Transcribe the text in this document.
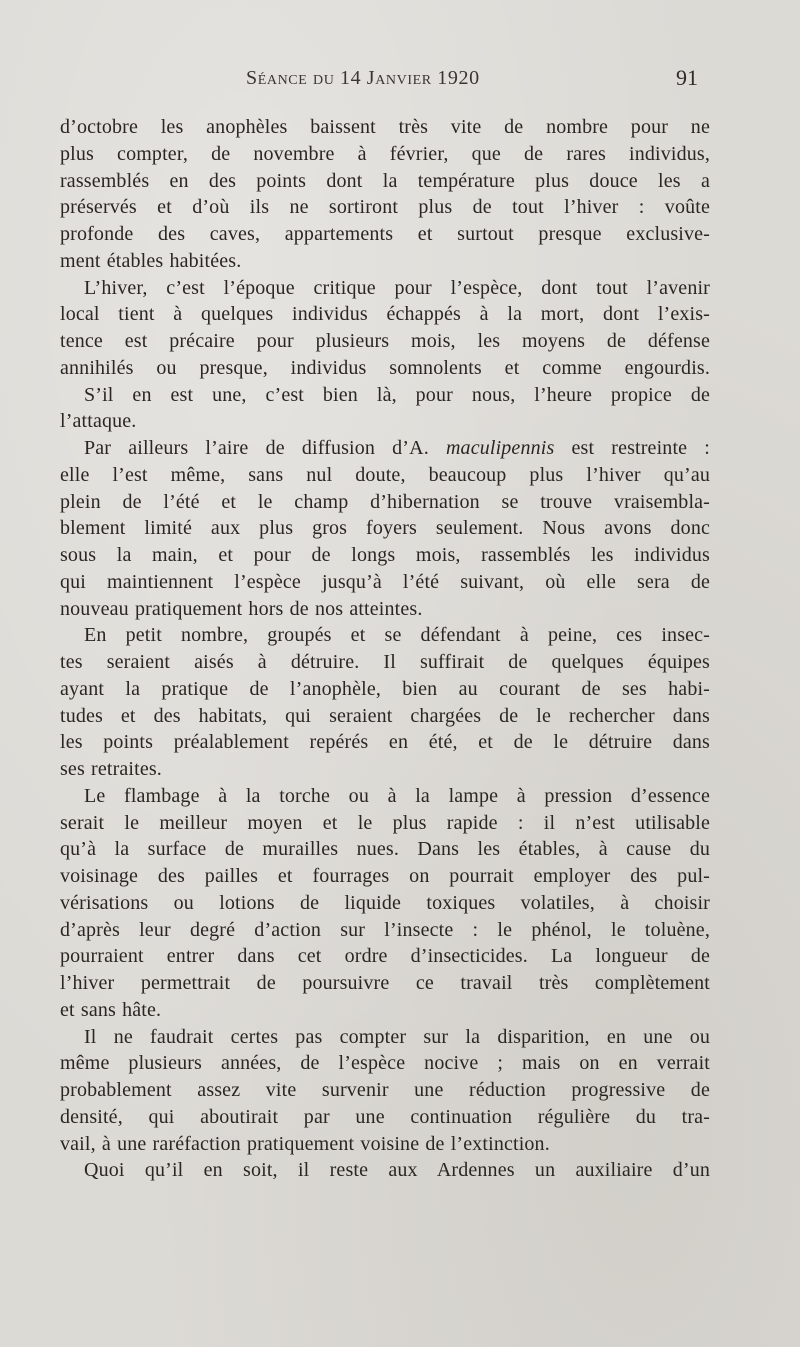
Séance du 14 Janvier 1920	91
d’octobre les anophèles baissent très vite de nombre pour ne
plus compter, de novembre à février, que de rares individus,
rassemblés en des points dont la température plus douce les a
préservés et d’où ils ne sortiront plus de tout l’hiver : voûte
profonde des caves, appartements et surtout presque exclusive-
ment étables habitées.
L’hiver, c’est l’époque critique pour l’espèce, dont tout l’avenir
local tient à quelques individus échappés à la mort, dont l’exis-
tence est précaire pour plusieurs mois, les moyens de défense
annihilés ou presque, individus somnolents et comme engourdis.
S’il en est une, c’est bien là, pour nous, l’heure propice de
l’attaque.
Par ailleurs l’aire de diffusion d’A. maculipennis est restreinte :
elle l’est même, sans nul doute, beaucoup plus l’hiver qu’au
plein de l’été et le champ d’hibernation se trouve vraisembla-
blement limité aux plus gros foyers seulement. Nous avons donc
sous la main, et pour de longs mois, rassemblés les individus
qui maintiennent l’espèce jusqu’à l’été suivant, où elle sera de
nouveau pratiquement hors de nos atteintes.
En petit nombre, groupés et se défendant à peine, ces insec-
tes seraient aisés à détruire. Il suffirait de quelques équipes
ayant la pratique de l’anophèle, bien au courant de ses habi-
tudes et des habitats, qui seraient chargées de le rechercher dans
les points préalablement repérés en été, et de le détruire dans
ses retraites.
Le flambage à la torche ou à la lampe à pression d’essence
serait le meilleur moyen et le plus rapide : il n’est utilisable
qu’à la surface de murailles nues. Dans les étables, à cause du
voisinage des pailles et fourrages on pourrait employer des pul-
vérisations ou lotions de liquide toxiques volatiles, à choisir
d’après leur degré d’action sur l’insecte : le phénol, le toluène,
pourraient entrer dans cet ordre d’insecticides. La longueur de
l’hiver permettrait de poursuivre ce travail très complètement
et sans hâte.
Il ne faudrait certes pas compter sur la disparition, en une ou
même plusieurs années, de l’espèce nocive ; mais on en verrait
probablement assez vite survenir une réduction progressive de
densité, qui aboutirait par une continuation régulière du tra-
vail, à une raréfaction pratiquement voisine de l’extinction.
Quoi qu’il en soit, il reste aux Ardennes un auxiliaire d’un
